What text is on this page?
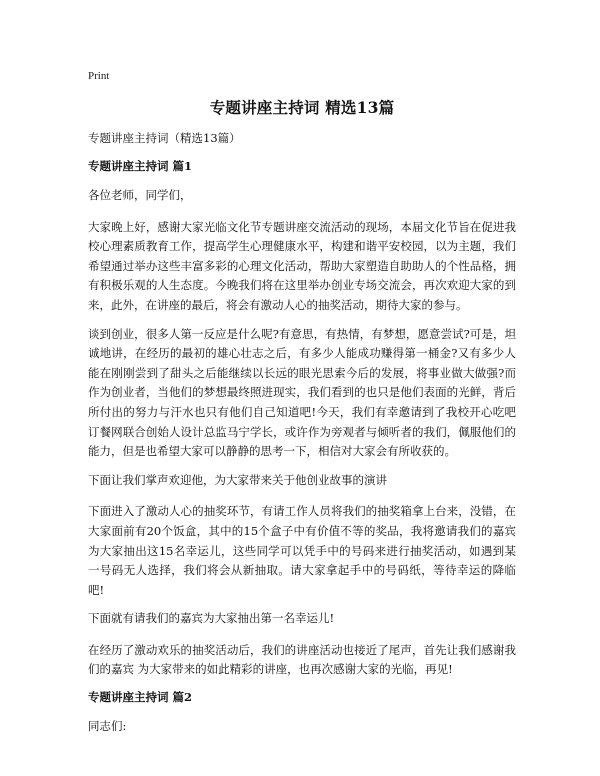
Print
专题讲座主持词 精选13篇

专题讲座主持词（精选13篇）

专题讲座主持词 篇1

各位老师，同学们，

大家晚上好，感谢大家光临文化节专题讲座交流活动的现场，本届文化节旨在促进我校心理素质教育工作，提高学生心理健康水平，构建和谐平安校园，以为主题，我们希望通过举办这些丰富多彩的心理文化活动，帮助大家塑造自助助人的个性品格，拥有积极乐观的人生态度。今晚我们将在这里举办创业专场交流会，再次欢迎大家的到来，此外，在讲座的最后，将会有激动人心的抽奖活动，期待大家的参与。

谈到创业，很多人第一反应是什么呢?有意思，有热情，有梦想，愿意尝试?可是，坦诚地讲，在经历的最初的雄心壮志之后，有多少人能成功赚得第一桶金?又有多少人能在刚刚尝到了甜头之后能继续以长远的眼光思索今后的发展，将事业做大做强?而作为创业者，当他们的梦想最终照进现实，我们看到的也只是他们表面的光鲜，背后所付出的努力与汗水也只有他们自己知道吧!今天，我们有幸邀请到了我校开心吃吧订餐网联合创始人设计总监马宁学长，或许作为旁观者与倾听者的我们，佩服他们的能力，但是也希望大家可以静静的思考一下，相信对大家会有所收获的。

下面让我们掌声欢迎他，为大家带来关于他创业故事的演讲

下面进入了激动人心的抽奖环节，有请工作人员将我们的抽奖箱拿上台来，没错，在大家面前有20个饭盒，其中的15个盒子中有价值不等的奖品，我将邀请我们的嘉宾为大家抽出这15名幸运儿，这些同学可以凭手中的号码来进行抽奖活动，如遇到某一号码无人选择，我们将会从新抽取。请大家拿起手中的号码纸，等待幸运的降临吧!

下面就有请我们的嘉宾为大家抽出第一名幸运儿!

在经历了激动欢乐的抽奖活动后，我们的讲座活动也接近了尾声，首先让我们感谢我们的嘉宾 为大家带来的如此精彩的讲座，也再次感谢大家的光临，再见!

专题讲座主持词 篇2

同志们:
